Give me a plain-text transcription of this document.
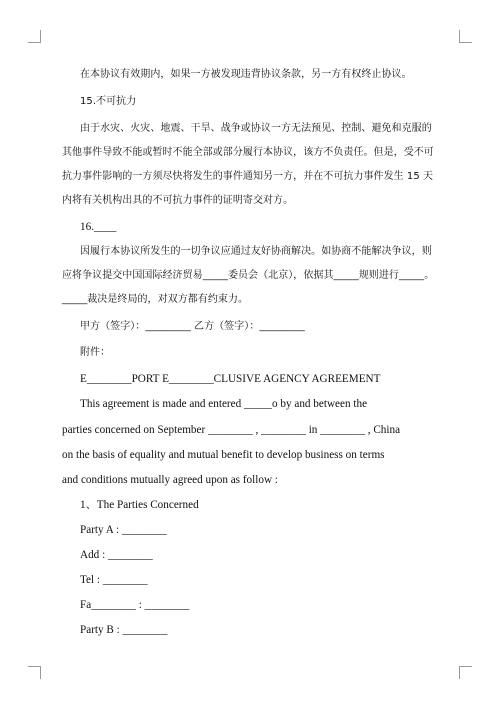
在本协议有效期内，如果一方被发现违背协议条款，另一方有权终止协议。
15.不可抗力
由于水灾、火灾、地震、干旱、战争或协议一方无法预见、控制、避免和克服的
其他事件导致不能或暂时不能全部或部分履行本协议，该方不负责任。但是，受不可
抗力事件影响的一方须尽快将发生的事件通知另一方，并在不可抗力事件发生 15 天
内将有关机构出具的不可抗力事件的证明寄交对方。
16.____
因履行本协议所发生的一切争议应通过友好协商解决。如协商不能解决争议，则
应将争议提交中国国际经济贸易_____委员会（北京），依据其_____规则进行_____。
_____裁决是终局的，对双方都有约束力。
甲方（签字）：_________ 乙方（签字）：_________
附件：
E________PORT E________CLUSIVE AGENCY AGREEMENT
This agreement is made and entered _____o by and between the
parties concerned on September ________ , ________ in ________ , China
on the basis of equality and mutual benefit to develop business on terms
and conditions mutually agreed upon as follow :
1、The Parties Concerned
Party A : ________
Add : ________
Tel : ________
Fa________ : ________
Party B : ________
